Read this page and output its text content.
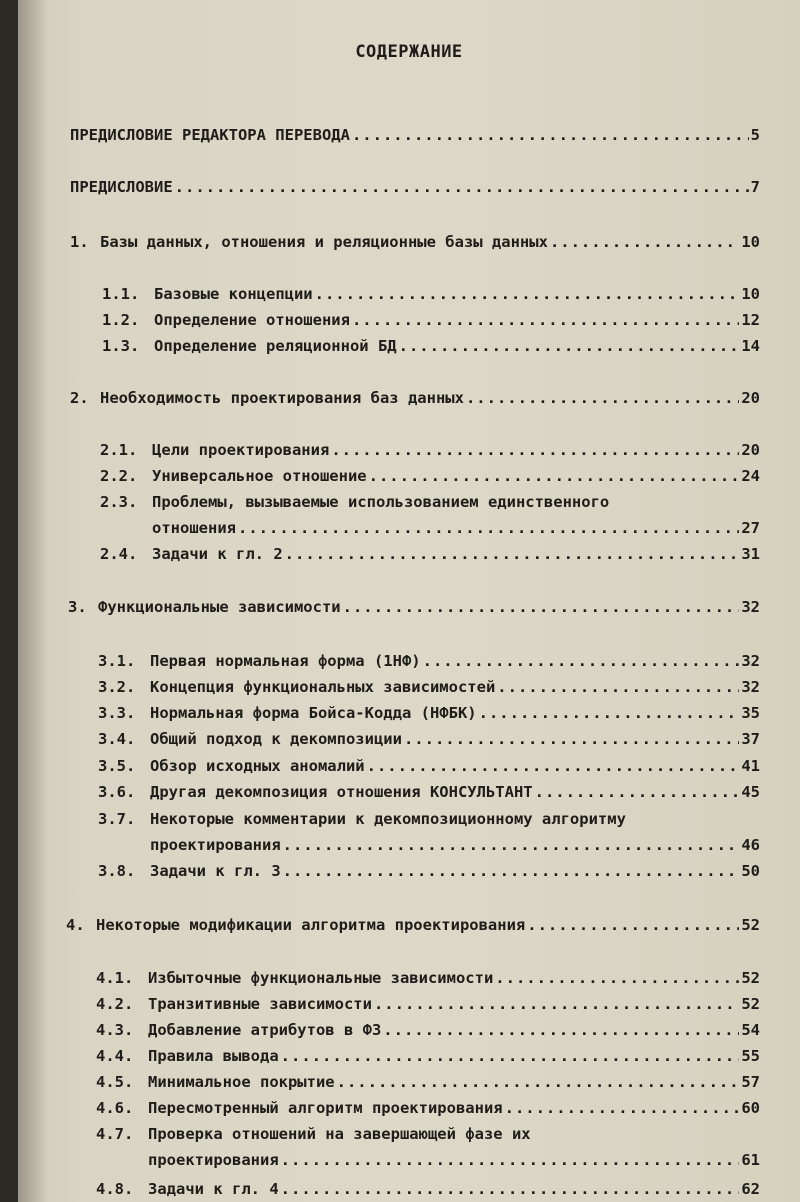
СОДЕРЖАНИЕ
ПРЕДИСЛОВИЕ РЕДАКТОРА ПЕРЕВОДА .....	5
ПРЕДИСЛОВИЕ .....	7
1. Базы данных, отношения и реляционные базы данных .....	10
1.1. Базовые концепции .....	10
1.2. Определение отношения .....	12
1.3. Определение реляционной БД .....	14
2. Необходимость проектирования баз данных .....	20
2.1. Цели проектирования .....	20
2.2. Универсальное отношение .....	24
2.3. Проблемы, вызываемые использованием единственного
отношения .....	27
2.4. Задачи к гл. 2 .....	31
3. Функциональные зависимости .....	32
3.1. Первая нормальная форма (1НФ) .....	32
3.2. Концепция функциональных зависимостей .....	32
3.3. Нормальная форма Бойса-Кодда (НФБК) .....	35
3.4. Общий подход к декомпозиции .....	37
3.5. Обзор исходных аномалий .....	41
3.6. Другая декомпозиция отношения КОНСУЛЬТАНТ .....	45
3.7. Некоторые комментарии к декомпозиционному алгоритму
проектирования .....	46
3.8. Задачи к гл. 3 .....	50
4. Некоторые модификации алгоритма проектирования .....	52
4.1. Избыточные функциональные зависимости .....	52
4.2. Транзитивные зависимости .....	52
4.3. Добавление атрибутов в ФЗ .....	54
4.4. Правила вывода .....	55
4.5. Минимальное покрытие .....	57
4.6. Пересмотренный алгоритм проектирования .....	60
4.7. Проверка отношений на завершающей фазе их
проектирования .....	61
4.8. Задачи к гл. 4 .....	62
